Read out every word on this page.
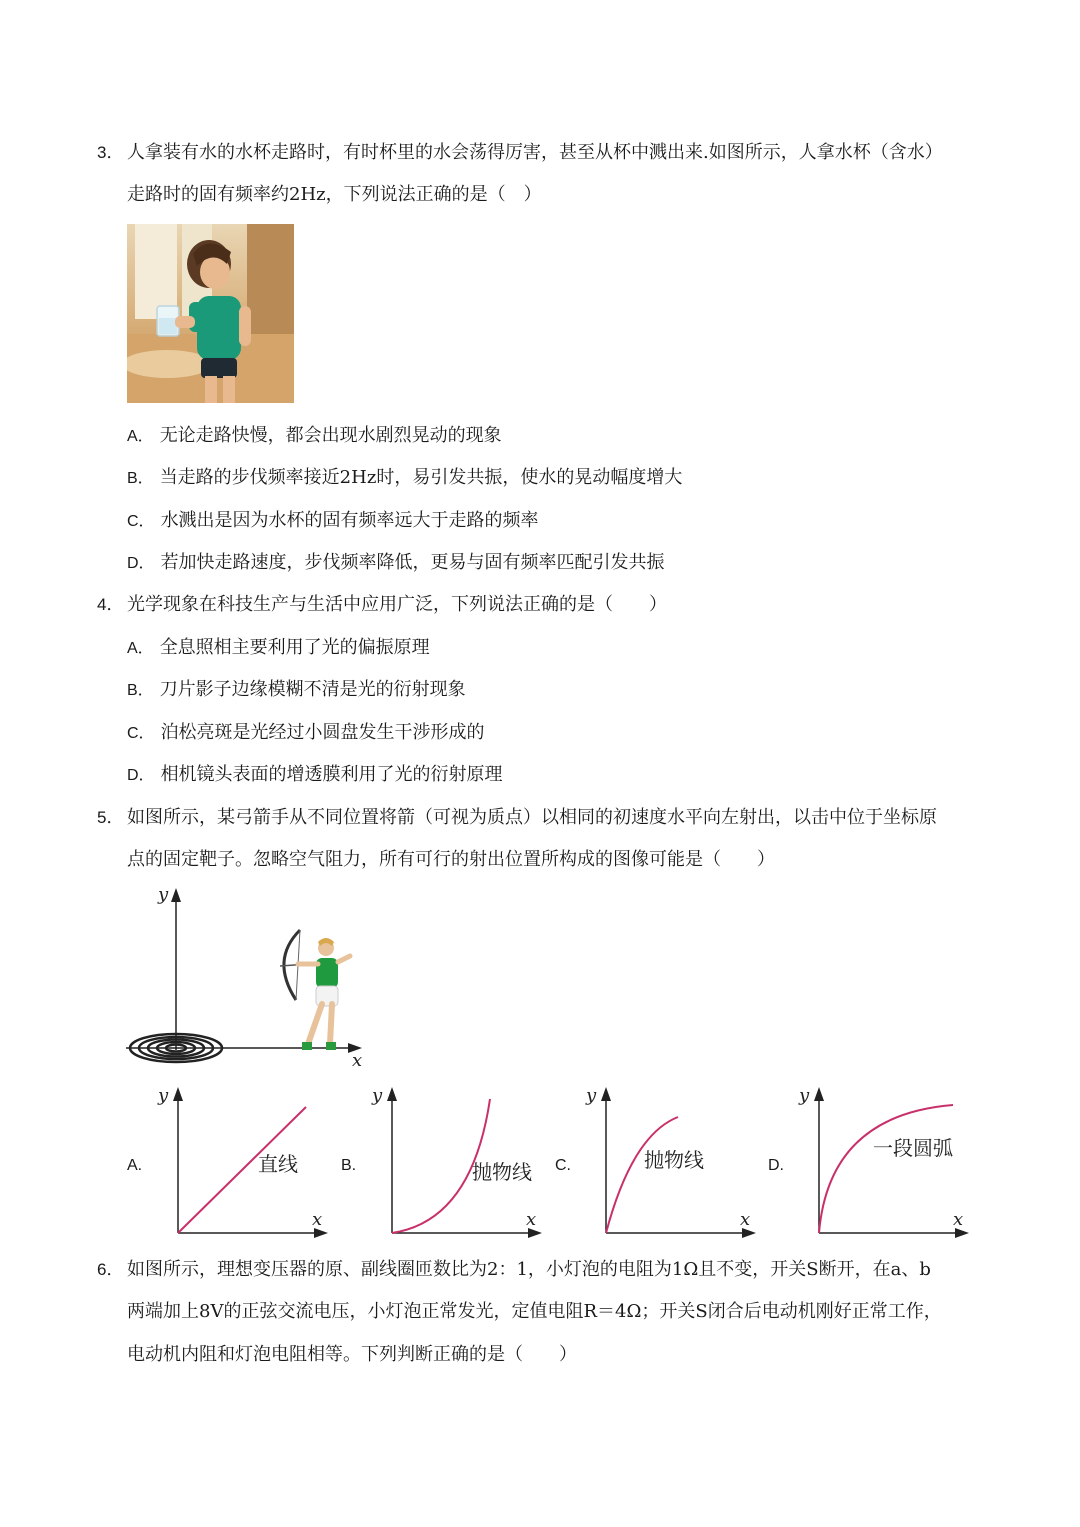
3． 人拿装有水的水杯走路时，有时杯里的水会荡得厉害，甚至从杯中溅出来.如图所示，人拿水杯（含水）
走路时的固有频率约2Hz，下列说法正确的是（　）
A． 无论走路快慢，都会出现水剧烈晃动的现象
B． 当走路的步伐频率接近2Hz时，易引发共振，使水的晃动幅度增大
C． 水溅出是因为水杯的固有频率远大于走路的频率
D． 若加快走路速度，步伐频率降低，更易与固有频率匹配引发共振
4． 光学现象在科技生产与生活中应用广泛，下列说法正确的是（　　）
A． 全息照相主要利用了光的偏振原理
B． 刀片影子边缘模糊不清是光的衍射现象
C． 泊松亮斑是光经过小圆盘发生干涉形成的
D． 相机镜头表面的增透膜利用了光的衍射原理
5． 如图所示，某弓箭手从不同位置将箭（可视为质点）以相同的初速度水平向左射出，以击中位于坐标原
点的固定靶子。忽略空气阻力，所有可行的射出位置所构成的图像可能是（　　）
y
x
A.	B.	C.	D.
y
x
直线
y
x
抛物线
y
x
抛物线
y
x
一段圆弧
6． 如图所示，理想变压器的原、副线圈匝数比为2：1，小灯泡的电阻为1Ω且不变，开关S断开，在a、b
两端加上8V的正弦交流电压，小灯泡正常发光，定值电阻R＝4Ω；开关S闭合后电动机刚好正常工作，
电动机内阻和灯泡电阻相等。下列判断正确的是（　　）
